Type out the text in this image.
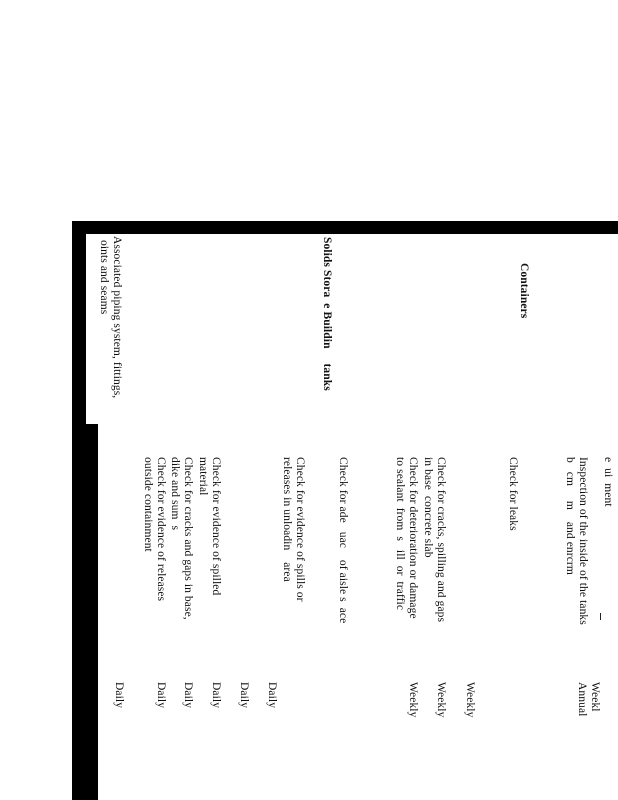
Containers
Solids Stora  e Buildin     tanks
Associated piping system, fittings,
oints and seams
e  ui  ment
Weekl
Inspection of the inside of the tanks
b   cm     m    and enrcrm
Annual
Check for leaks
Weekly
Check for cracks, spilling and gaps
in base  concrete slab
Weekly
Check for deterioration or damage
to sealant  from  s   ill  or  traffic
Weekly
Check for ade   uac    of aisle s  ace
Daily
Check for evidence of spills or
releases in unloadin    area
Daily
Check for evidence of spilled
material
Daily
Check for cracks and gaps in base,
dike and sum  s
Daily
Check for evidence of releases
outside containment
Daily
Daily
